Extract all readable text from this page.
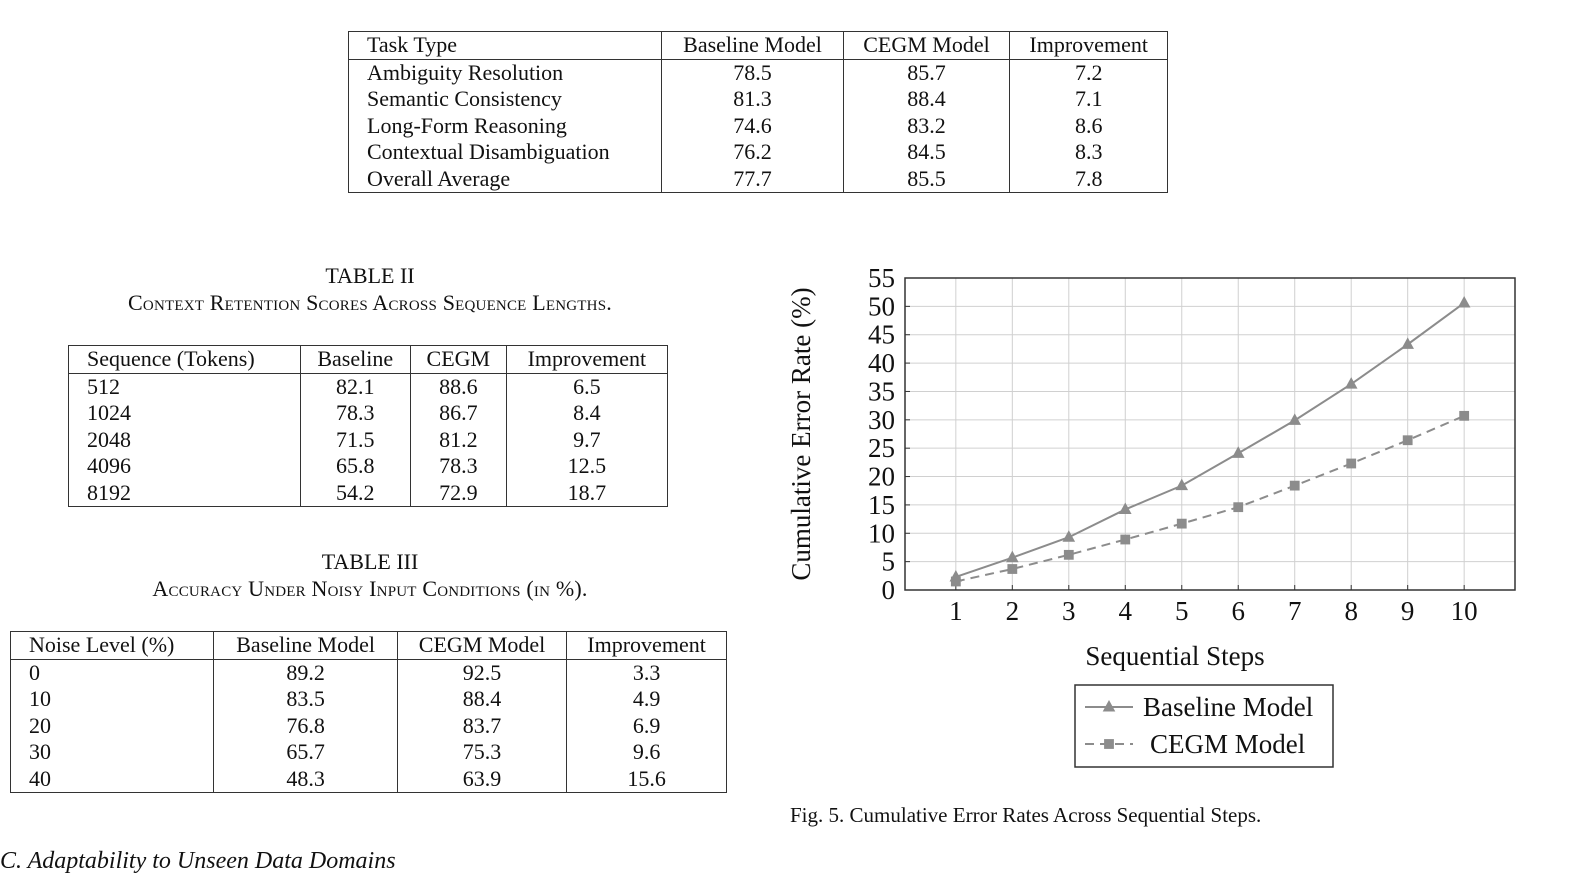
Task Type	Baseline Model	CEGM Model	Improvement
Ambiguity Resolution	78.5	85.7	7.2
Semantic Consistency	81.3	88.4	7.1
Long-Form Reasoning	74.6	83.2	8.6
Contextual Disambiguation	76.2	84.5	8.3
Overall Average	77.7	85.5	7.8
TABLE II
Context Retention Scores Across Sequence Lengths.
Sequence (Tokens)	Baseline	CEGM	Improvement
512	82.1	88.6	6.5
1024	78.3	86.7	8.4
2048	71.5	81.2	9.7
4096	65.8	78.3	12.5
8192	54.2	72.9	18.7
TABLE III
Accuracy Under Noisy Input Conditions (in %).
Noise Level (%)	Baseline Model	CEGM Model	Improvement
0	89.2	92.5	3.3
10	83.5	88.4	4.9
20	76.8	83.7	6.9
30	65.7	75.3	9.6
40	48.3	63.9	15.6
1 2 3 4 5 6 7 8 9 10
0
5
10
15
20
25
30
35
40
45
50
55
Sequential Steps
Cumulative Error Rate (%)
Baseline Model
CEGM Model
Fig. 5. Cumulative Error Rates Across Sequential Steps.
C. Adaptability to Unseen Data Domains
